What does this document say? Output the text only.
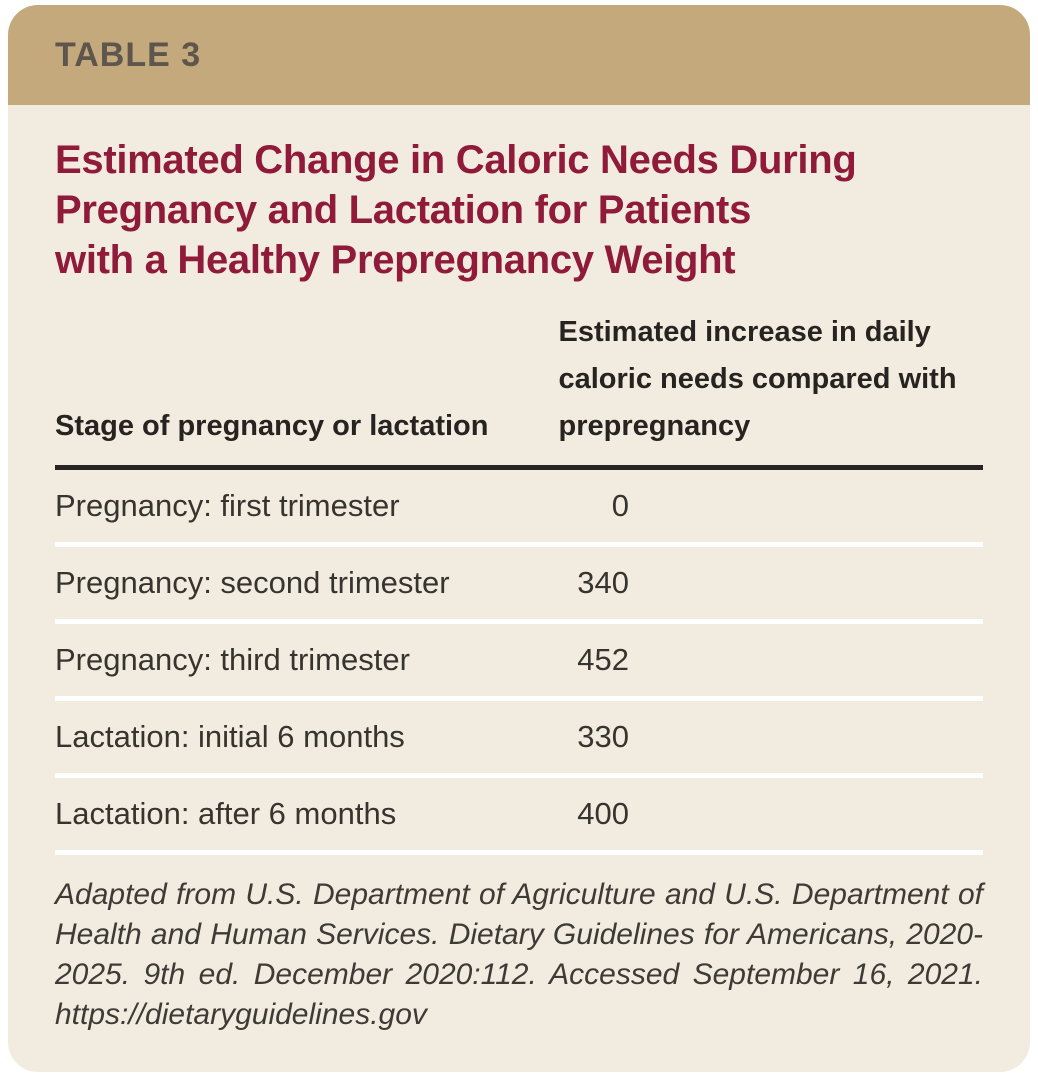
TABLE 3
Estimated Change in Caloric Needs During
Pregnancy and Lactation for Patients
with a Healthy Prepregnancy Weight
Stage of pregnancy or lactation
Estimated increase in daily caloric needs compared with prepregnancy
Pregnancy: first trimester	0
Pregnancy: second trimester	340
Pregnancy: third trimester	452
Lactation: initial 6 months	330
Lactation: after 6 months	400
Adapted from U.S. Department of Agriculture and U.S. Department of Health and Human Services. Dietary Guidelines for Americans, 2020-2025. 9th ed. December 2020:112. Accessed September 16, 2021. https://dietaryguidelines.gov
